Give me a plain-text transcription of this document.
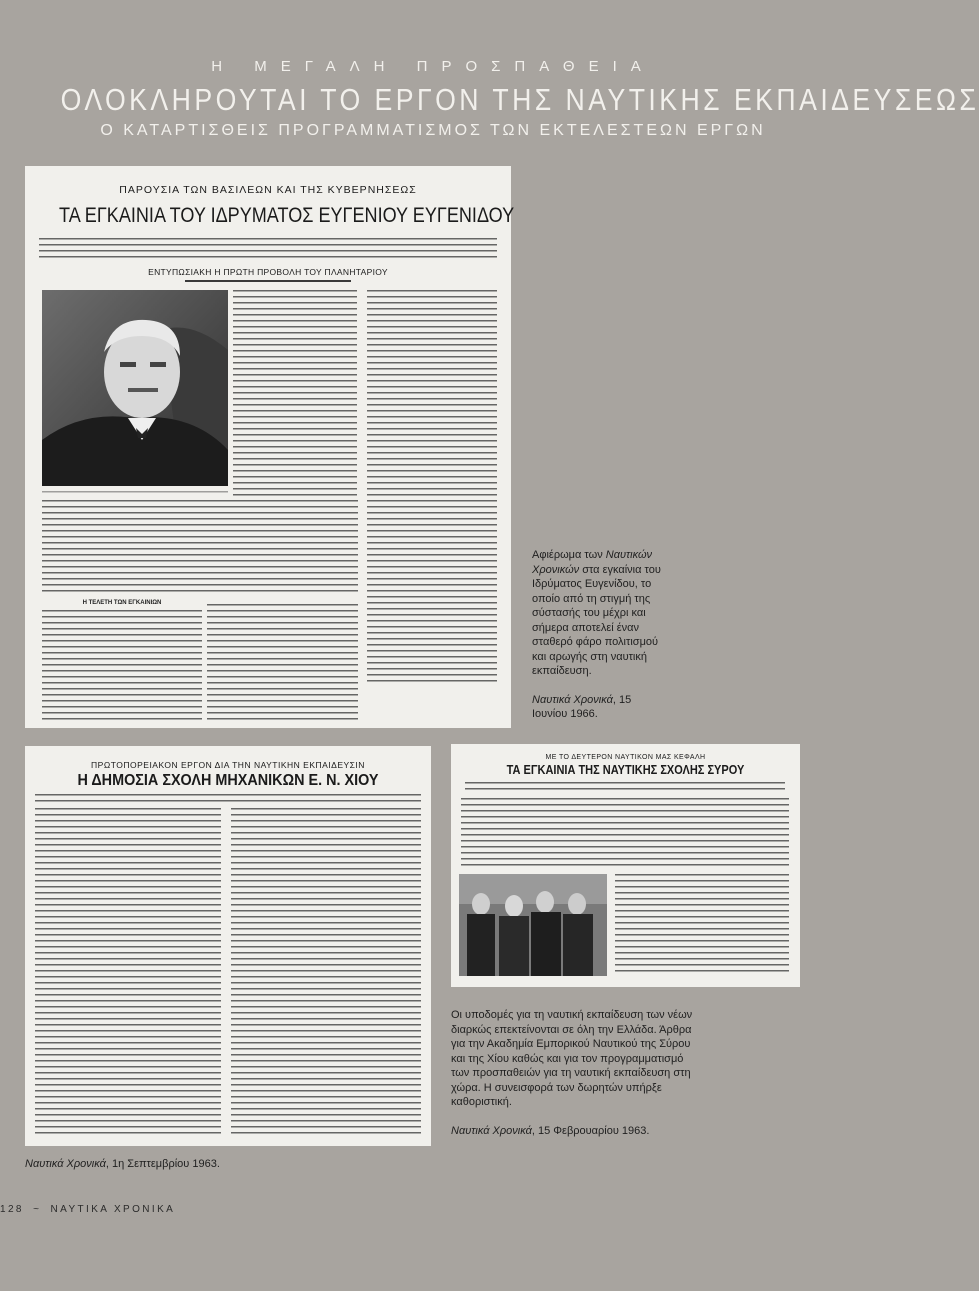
Η ΜΕΓΑΛΗ ΠΡΟΣΠΑΘΕΙΑ
ΟΛΟΚΛΗΡΟΥΤΑΙ ΤΟ ΕΡΓΟΝ ΤΗΣ ΝΑΥΤΙΚΗΣ ΕΚΠΑΙΔΕΥΣΕΩΣ
Ο ΚΑΤΑΡΤΙΣΘΕΙΣ ΠΡΟΓΡΑΜΜΑΤΙΣΜΟΣ ΤΩΝ ΕΚΤΕΛΕΣΤΕΩΝ ΕΡΓΩΝ
ΠΑΡΟΥΣΙΑ ΤΩΝ ΒΑΣΙΛΕΩΝ ΚΑΙ ΤΗΣ ΚΥΒΕΡΝΗΣΕΩΣ
ΤΑ ΕΓΚΑΙΝΙΑ ΤΟΥ ΙΔΡΥΜΑΤΟΣ ΕΥΓΕΝΙΟΥ ΕΥΓΕΝΙΔΟΥ
ΕΝΤΥΠΩΣΙΑΚΗ Η ΠΡΩΤΗ ΠΡΟΒΟΛΗ ΤΟΥ ΠΛΑΝΗΤΑΡΙΟΥ
Η ΤΕΛΕΤΗ ΤΩΝ ΕΓΚΑΙΝΙΩΝ
Αφιέρωμα των Ναυτικών Χρονικών στα εγκαίνια του Ιδρύματος Ευγενίδου, το οποίο από τη στιγμή της σύστασής του μέχρι και σήμερα αποτελεί έναν σταθερό φάρο πολιτισμού και αρωγής στη ναυτική εκπαίδευση.
Ναυτικά Χρονικά, 15 Ιουνίου 1966.
ΠΡΩΤΟΠΟΡΕΙΑΚΟΝ ΕΡΓΟΝ ΔΙΑ ΤΗΝ ΝΑΥΤΙΚΗΝ ΕΚΠΑΙΔΕΥΣΙΝ
Η ΔΗΜΟΣΙΑ ΣΧΟΛΗ ΜΗΧΑΝΙΚΩΝ Ε. Ν. ΧΙΟΥ
Ναυτικά Χρονικά, 1η Σεπτεμβρίου 1963.
ΜΕ ΤΟ ΔΕΥΤΕΡΟΝ ΝΑΥΤΙΚΟΝ ΜΑΣ ΚΕΦΑΛΗ
ΤΑ ΕΓΚΑΙΝΙΑ ΤΗΣ ΝΑΥΤΙΚΗΣ ΣΧΟΛΗΣ ΣΥΡΟΥ
Οι υποδομές για τη ναυτική εκπαίδευση των νέων διαρκώς επεκτείνονται σε όλη την Ελλάδα. Άρθρα για την Ακαδημία Εμπορικού Ναυτικού της Σύρου και της Χίου καθώς και για τον προγραμματισμό των προσπαθειών για τη ναυτική εκπαίδευση στη χώρα. Η συνεισφορά των δωρητών υπήρξε καθοριστική.
Ναυτικά Χρονικά, 15 Φεβρουαρίου 1963.
128 ~ ΝΑΥΤΙΚΑ ΧΡΟΝΙΚΑ
